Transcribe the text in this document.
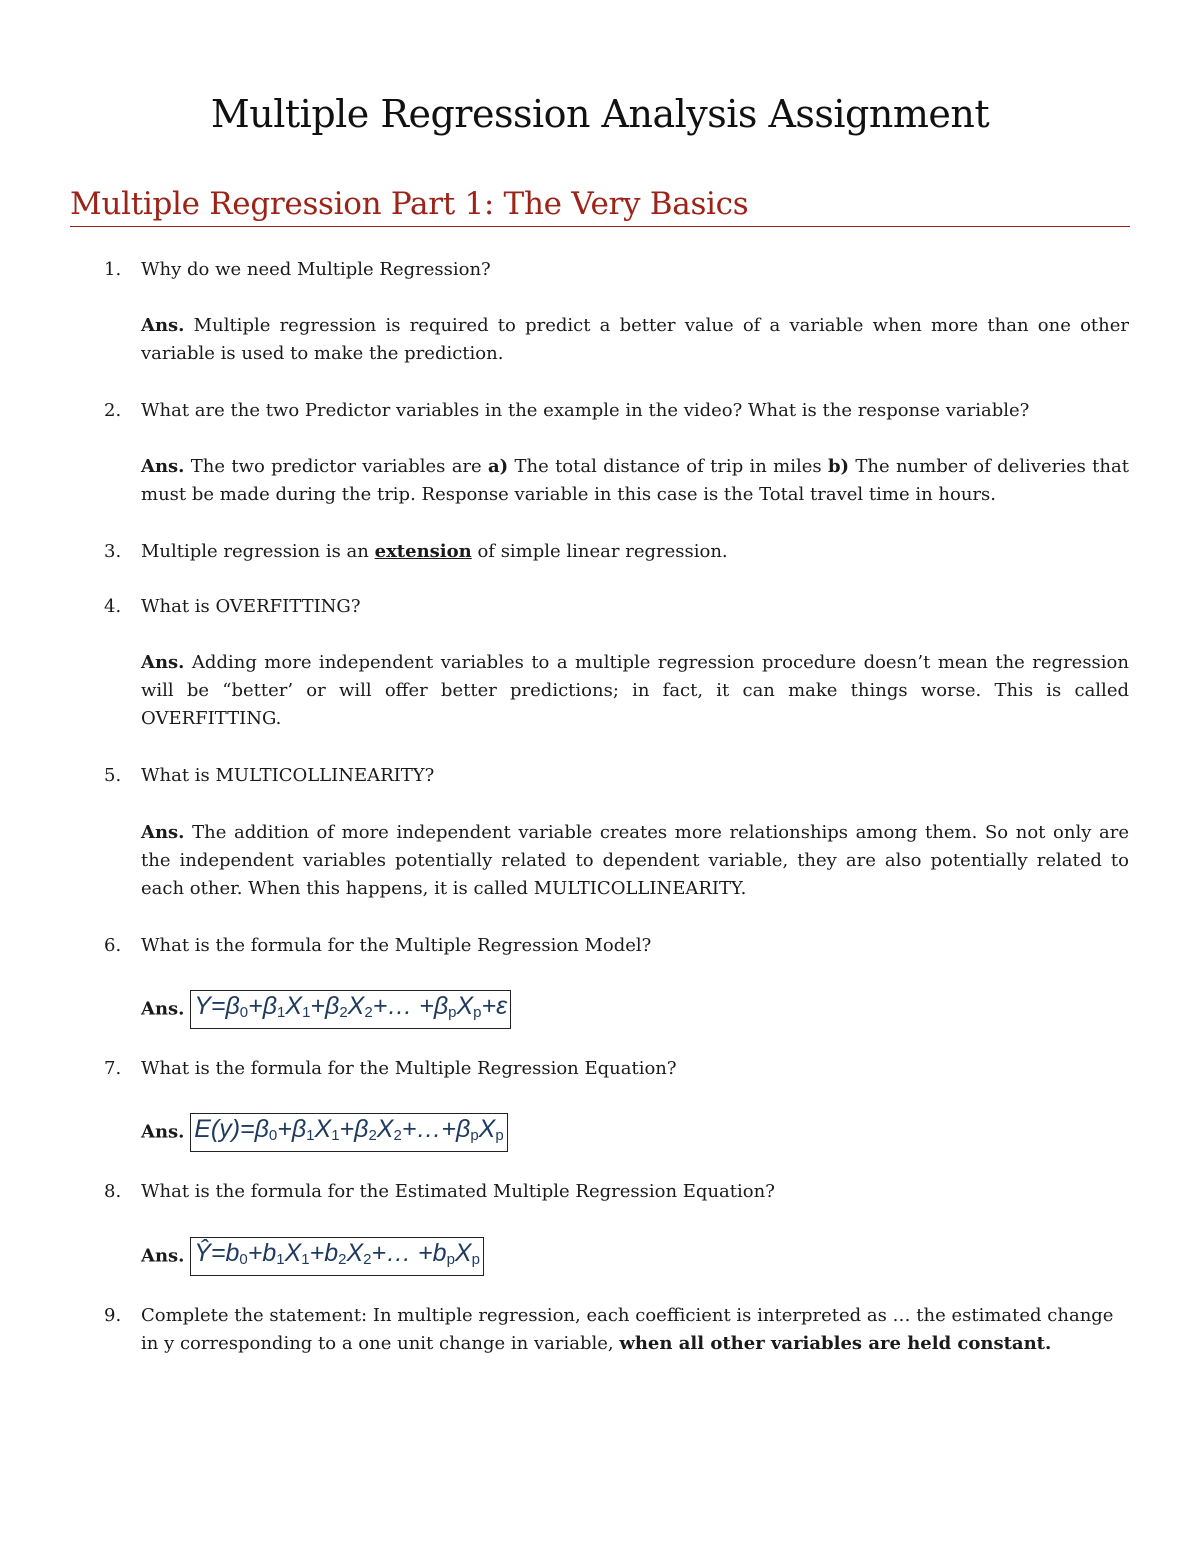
Multiple Regression Analysis Assignment
Multiple Regression Part 1: The Very Basics
1.	Why do we need Multiple Regression?
Ans. Multiple regression is required to predict a better value of a variable when more than one other variable is used to make the prediction.
2.	What are the two Predictor variables in the example in the video? What is the response variable?
Ans. The two predictor variables are a) The total distance of trip in miles b) The number of deliveries that must be made during the trip. Response variable in this case is the Total travel time in hours.
3.	Multiple regression is an extension of simple linear regression.
4.	What is OVERFITTING?
Ans. Adding more independent variables to a multiple regression procedure doesn’t mean the regression will be “better’ or will offer better predictions; in fact, it can make things worse. This is called OVERFITTING.
5.	What is MULTICOLLINEARITY?
Ans. The addition of more independent variable creates more relationships among them. So not only are the independent variables potentially related to dependent variable, they are also potentially related to each other. When this happens, it is called MULTICOLLINEARITY.
6.	What is the formula for the Multiple Regression Model?
Ans. $Y=\beta_0+\beta_1X_1+\beta_2X_2+\dots +\beta_pX_p+\varepsilon$
7.	What is the formula for the Multiple Regression Equation?
Ans. $E(y)=\beta_0+\beta_1X_1+\beta_2X_2+\dots+\beta_pX_p$
8.	What is the formula for the Estimated Multiple Regression Equation?
Ans. $Ŷ=b_0+b_1X_1+b_2X_2+\dots +b_pX_p$
9.	Complete the statement: In multiple regression, each coefficient is interpreted as … the estimated change in y corresponding to a one unit change in variable, when all other variables are held constant.
